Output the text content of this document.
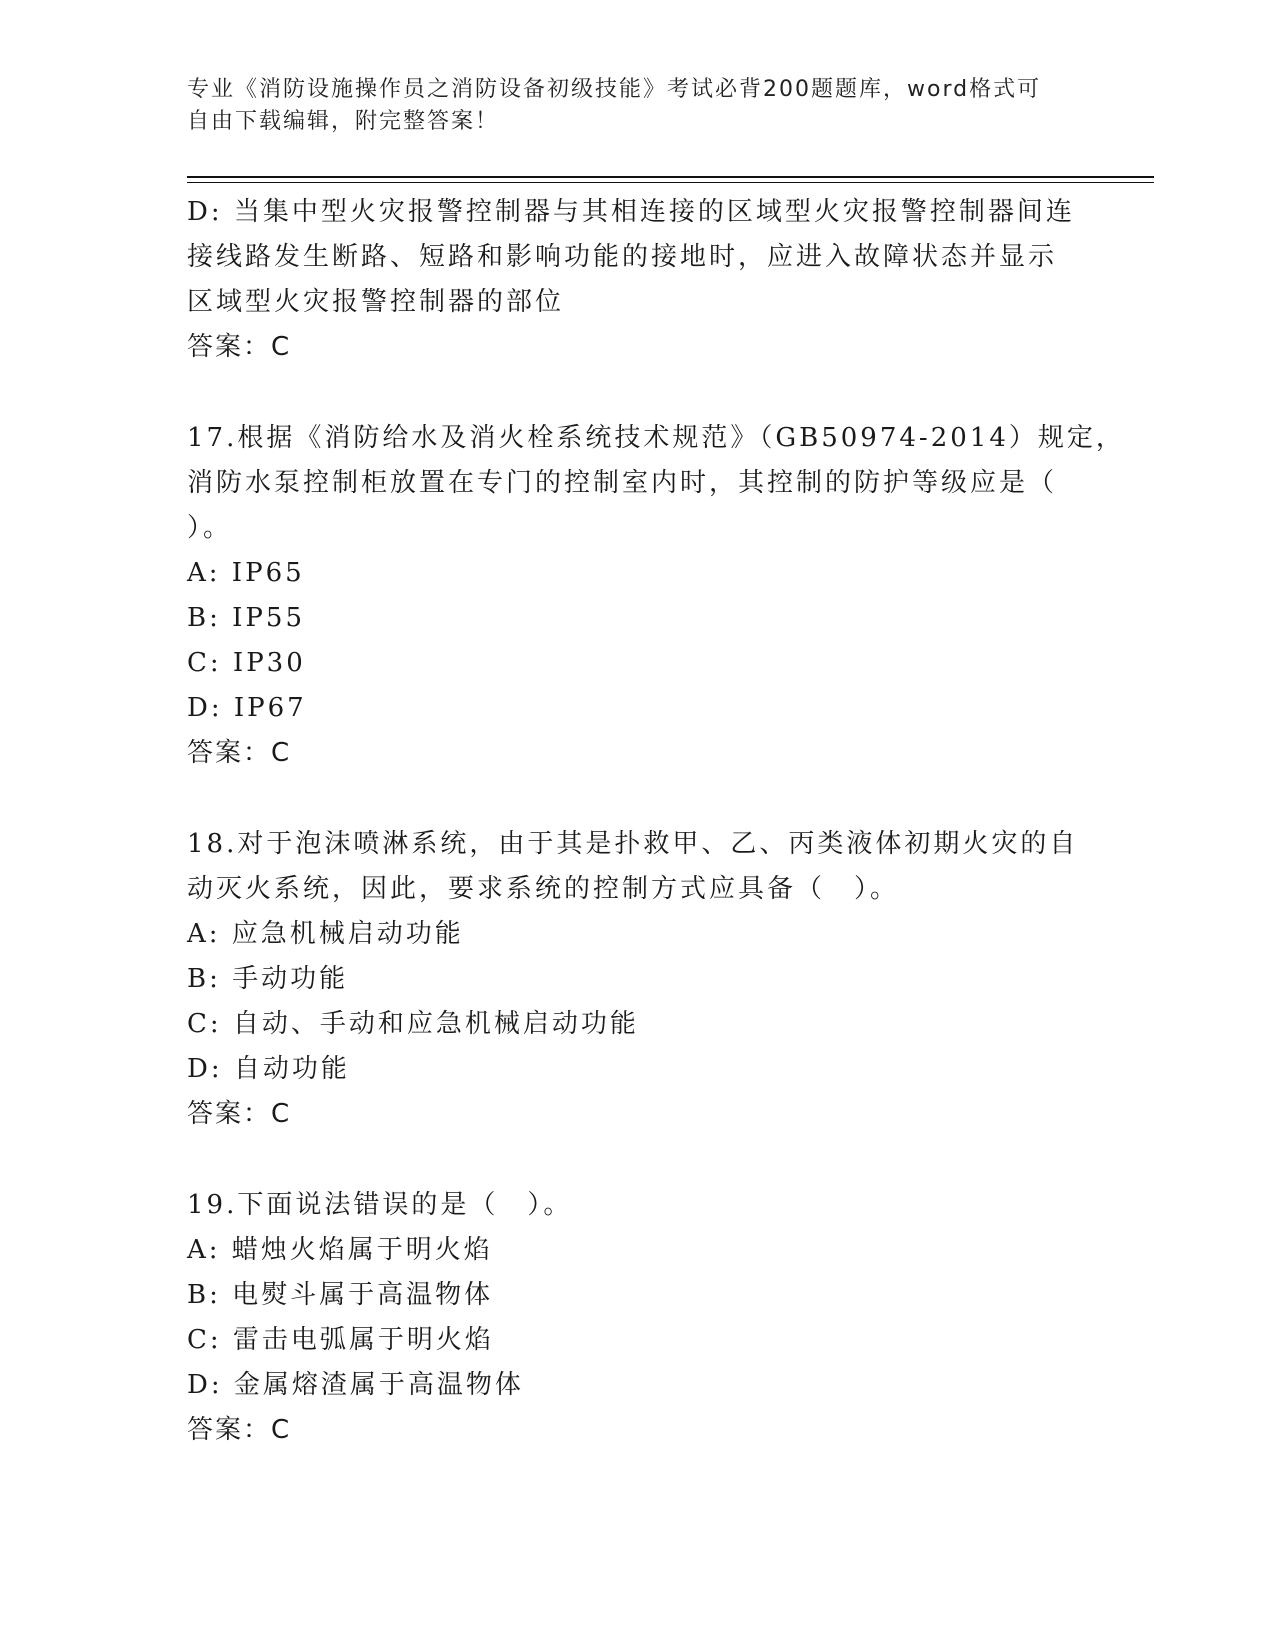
专业《消防设施操作员之消防设备初级技能》考试必背200题题库，word格式可
自由下载编辑，附完整答案！
D: 当集中型火灾报警控制器与其相连接的区域型火灾报警控制器间连
接线路发生断路、短路和影响功能的接地时，应进入故障状态并显示
区域型火灾报警控制器的部位
答案：C
17.根据《消防给水及消火栓系统技术规范》（GB50974-2014）规定，
消防水泵控制柜放置在专门的控制室内时，其控制的防护等级应是（
）。
A: IP65
B: IP55
C: IP30
D: IP67
答案：C
18.对于泡沫喷淋系统，由于其是扑救甲、乙、丙类液体初期火灾的自
动灭火系统，因此，要求系统的控制方式应具备（　）。
A: 应急机械启动功能
B: 手动功能
C: 自动、手动和应急机械启动功能
D: 自动功能
答案：C
19.下面说法错误的是（　）。
A: 蜡烛火焰属于明火焰
B: 电熨斗属于高温物体
C: 雷击电弧属于明火焰
D: 金属熔渣属于高温物体
答案：C
